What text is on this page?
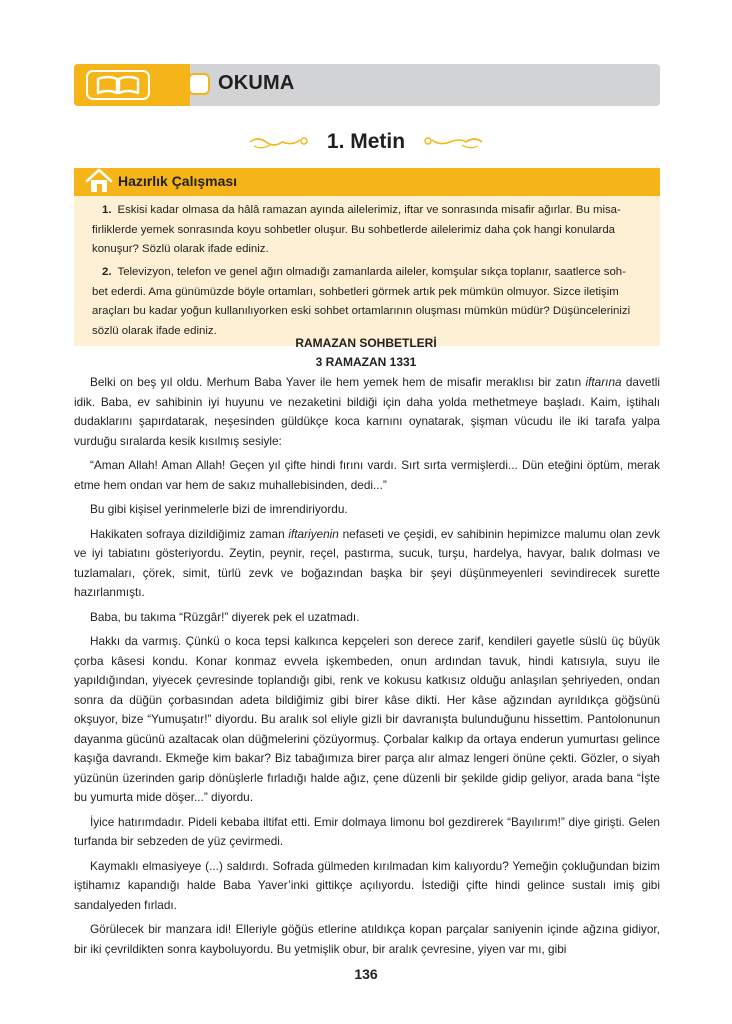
OKUMA
1. Metin
Hazırlık Çalışması
1. Eskisi kadar olmasa da hâlâ ramazan ayında ailelerimiz, iftar ve sonrasında misafir ağırlar. Bu misa-
firliklerde yemek sonrasında koyu sohbetler oluşur. Bu sohbetlerde ailelerimiz daha çok hangi konularda
konuşur? Sözlü olarak ifade ediniz.
2. Televizyon, telefon ve genel ağın olmadığı zamanlarda aileler, komşular sıkça toplanır, saatlerce soh-
bet ederdi. Ama günümüzde böyle ortamları, sohbetleri görmek artık pek mümkün olmuyor. Sizce iletişim
araçları bu kadar yoğun kullanılıyorken eski sohbet ortamlarının oluşması mümkün müdür? Düşüncelerinizi
sözlü olarak ifade ediniz.
RAMAZAN SOHBETLERİ
3 RAMAZAN 1331

Belki on beş yıl oldu. Merhum Baba Yaver ile hem yemek hem de misafir meraklısı bir zatın iftarına davetli idik. Baba, ev sahibinin iyi huyunu ve nezaketini bildiği için daha yolda methetmeye başladı. Kaim, iştihalı dudaklarını şapırdatarak, neşesinden güldükçe koca karnını oynatarak, şişman vücudu ile iki tarafa yalpa vurduğu sıralarda kesik kısılmış sesiyle:

“Aman Allah! Aman Allah! Geçen yıl çifte hindi fırını vardı. Sırt sırta vermişlerdi... Dün eteğini öptüm, merak etme hem ondan var hem de sakız muhallebisinden, dedi...”

Bu gibi kişisel yerinmelerle bizi de imrendiriyordu.

Hakikaten sofraya dizildiğimiz zaman iftariyenin nefaseti ve çeşidi, ev sahibinin hepimizce malumu olan zevk ve iyi tabiatını gösteriyordu. Zeytin, peynir, reçel, pastırma, sucuk, turşu, hardelya, havyar, balık dolması ve tuzlamaları, çörek, simit, türlü zevk ve boğazından başka bir şeyi düşünmeyenleri sevindirecek surette hazırlanmıştı.

Baba, bu takıma “Rüzgâr!” diyerek pek el uzatmadı.

Hakkı da varmış. Çünkü o koca tepsi kalkınca kepçeleri son derece zarif, kendileri gayetle süslü üç büyük çorba kâsesi kondu. Konar konmaz evvela işkembeden, onun ardından tavuk, hindi katısıyla, suyu ile yapıldığından, yiyecek çevresinde toplandığı gibi, renk ve kokusu katkısız olduğu anlaşılan şehriyeden, ondan sonra da düğün çorbasından adeta bildiğimiz gibi birer kâse dikti. Her kâse ağzından ayrıldıkça göğsünü okşuyor, bize “Yumuşatır!” diyordu. Bu aralık sol eliyle gizli bir davranışta bulunduğunu hissettim. Pantolonunun dayanma gücünü azaltacak olan düğmelerini çözüyormuş. Çorbalar kalkıp da ortaya enderun yumurtası gelince kaşığa davrandı. Ekmeğe kim bakar? Biz tabağımıza birer parça alır almaz lengeri önüne çekti. Gözler, o siyah yüzünün üzerinden garip dönüşlerle fırladığı halde ağız, çene düzenli bir şekilde gidip geliyor, arada bana “İşte bu yumurta mide döşer...” diyordu.

İyice hatırımdadır. Pideli kebaba iltifat etti. Emir dolmaya limonu bol gezdirerek “Bayılırım!” diye girişti. Gelen turfanda bir sebzeden de yüz çevirmedi.

Kaymaklı elmasiyeye (...) saldırdı. Sofrada gülmeden kırılmadan kim kalıyordu? Yemeğin çokluğundan bizim iştihamız kapandığı halde Baba Yaver’inki gittikçe açılıyordu. İstediği çifte hindi gelince sustalı imiş gibi sandalyeden fırladı.

Görülecek bir manzara idi! Elleriyle göğüs etlerine atıldıkça kopan parçalar saniyenin içinde ağzına gidiyor, bir iki çevrildikten sonra kayboluyordu. Bu yetmişlik obur, bir aralık çevresine, yiyen var mı, gibi

136
